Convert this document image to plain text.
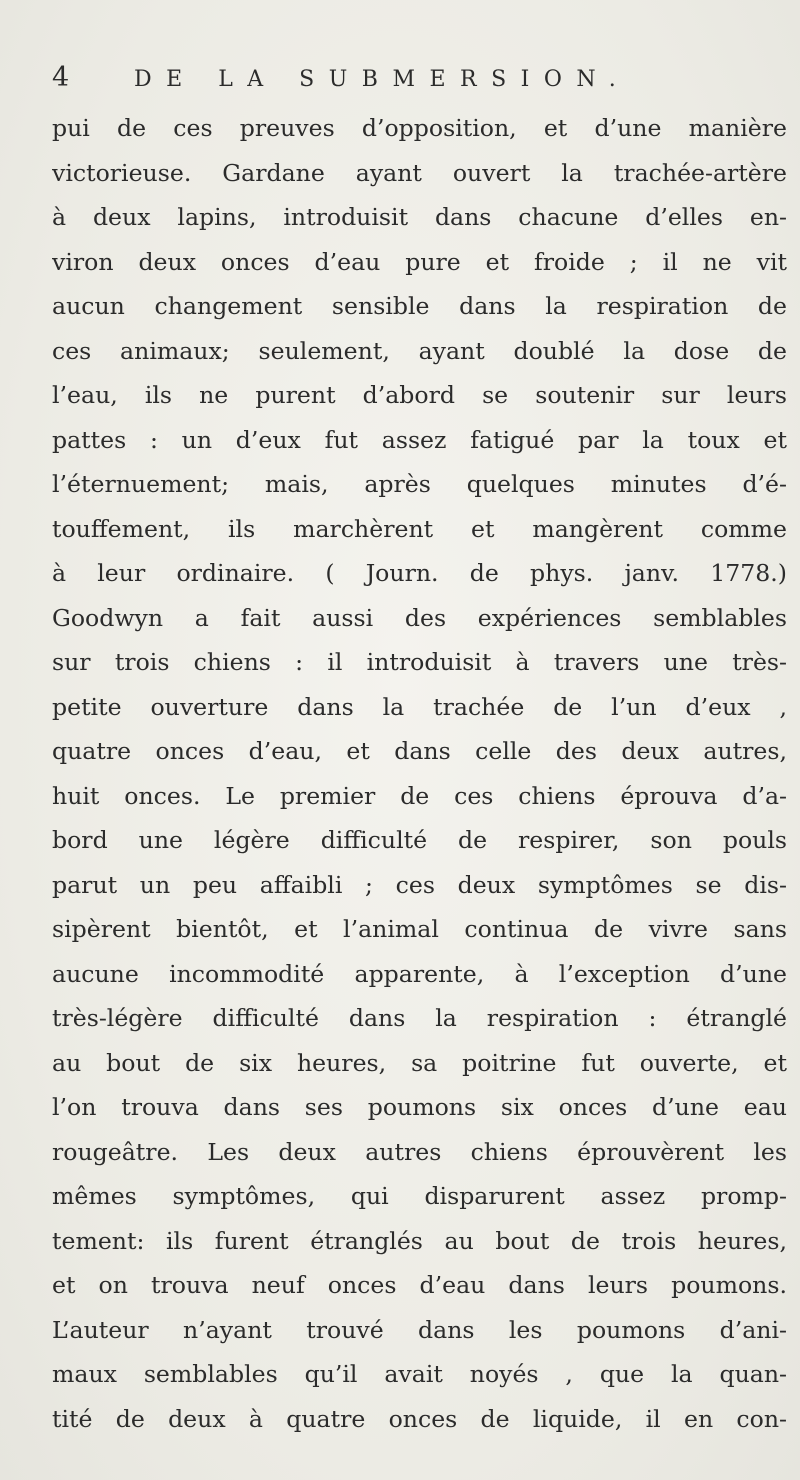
4	DE LA SUBMERSION.
pui de ces preuves d’opposition, et d’une manière
victorieuse. Gardane ayant ouvert la trachée-artère
à deux lapins, introduisit dans chacune d’elles en-
viron deux onces d’eau pure et froide ; il ne vit
aucun changement sensible dans la respiration de
ces animaux; seulement, ayant doublé la dose de
l’eau, ils ne purent d’abord se soutenir sur leurs
pattes : un d’eux fut assez fatigué par la toux et
l’éternuement; mais, après quelques minutes d’é-
touffement, ils marchèrent et mangèrent comme
à leur ordinaire. ( Journ. de phys. janv. 1778.)
Goodwyn a fait aussi des expériences semblables
sur trois chiens : il introduisit à travers une très-
petite ouverture dans la trachée de l’un d’eux ,
quatre onces d’eau, et dans celle des deux autres,
huit onces. Le premier de ces chiens éprouva d’a-
bord une légère difficulté de respirer, son pouls
parut un peu affaibli ; ces deux symptômes se dis-
sipèrent bientôt, et l’animal continua de vivre sans
aucune incommodité apparente, à l’exception d’une
très-légère difficulté dans la respiration : étranglé
au bout de six heures, sa poitrine fut ouverte, et
l’on trouva dans ses poumons six onces d’une eau
rougeâtre. Les deux autres chiens éprouvèrent les
mêmes symptômes, qui disparurent assez promp-
tement: ils furent étranglés au bout de trois heures,
et on trouva neuf onces d’eau dans leurs poumons.
L’auteur n’ayant trouvé dans les poumons d’ani-
maux semblables qu’il avait noyés , que la quan-
tité de deux à quatre onces de liquide, il en con-
